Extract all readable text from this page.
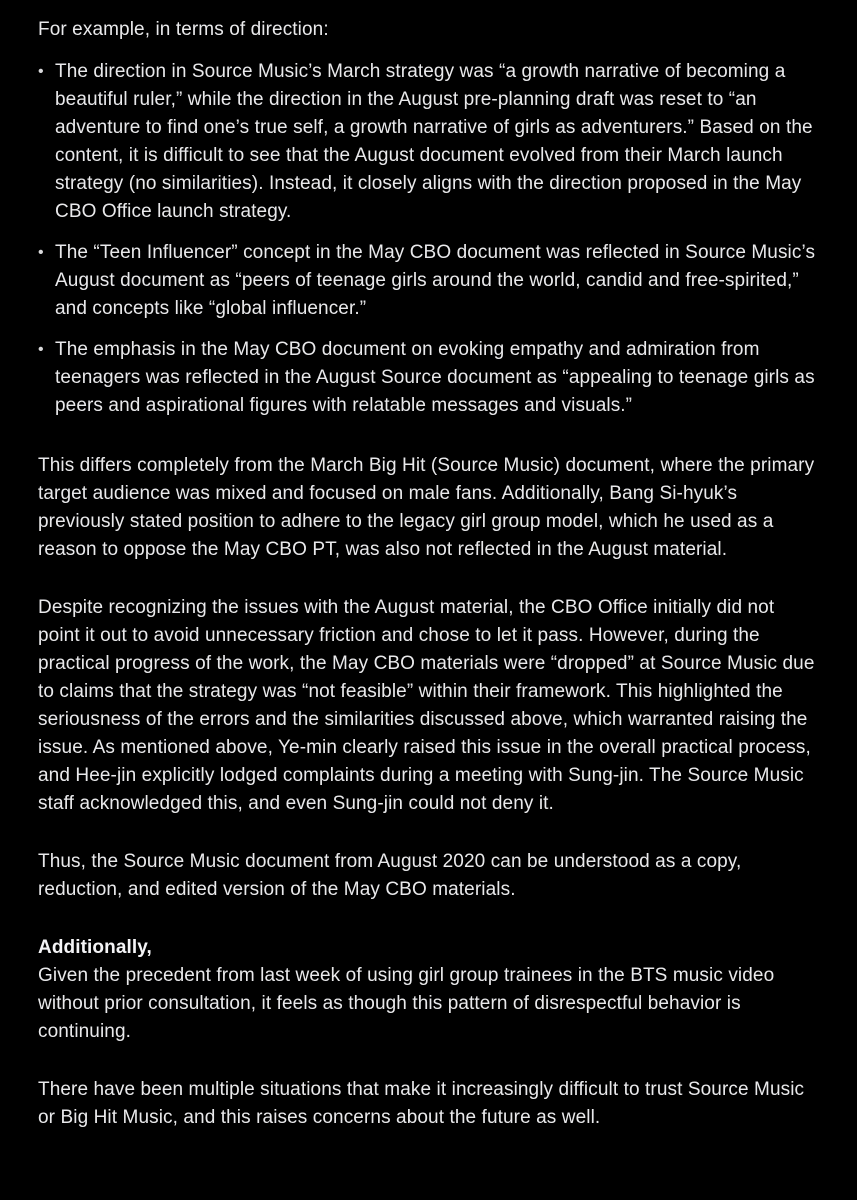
For example, in terms of direction:

• The direction in Source Music’s March strategy was “a growth narrative of becoming a beautiful ruler,” while the direction in the August pre-planning draft was reset to “an adventure to find one’s true self, a growth narrative of girls as adventurers.” Based on the content, it is difficult to see that the August document evolved from their March launch strategy (no similarities). Instead, it closely aligns with the direction proposed in the May CBO Office launch strategy.
• The “Teen Influencer” concept in the May CBO document was reflected in Source Music’s August document as “peers of teenage girls around the world, candid and free-spirited,” and concepts like “global influencer.”
• The emphasis in the May CBO document on evoking empathy and admiration from teenagers was reflected in the August Source document as “appealing to teenage girls as peers and aspirational figures with relatable messages and visuals.”

This differs completely from the March Big Hit (Source Music) document, where the primary target audience was mixed and focused on male fans. Additionally, Bang Si-hyuk’s previously stated position to adhere to the legacy girl group model, which he used as a reason to oppose the May CBO PT, was also not reflected in the August material.

Despite recognizing the issues with the August material, the CBO Office initially did not point it out to avoid unnecessary friction and chose to let it pass. However, during the practical progress of the work, the May CBO materials were “dropped” at Source Music due to claims that the strategy was “not feasible” within their framework. This highlighted the seriousness of the errors and the similarities discussed above, which warranted raising the issue. As mentioned above, Ye-min clearly raised this issue in the overall practical process, and Hee-jin explicitly lodged complaints during a meeting with Sung-jin. The Source Music staff acknowledged this, and even Sung-jin could not deny it.

Thus, the Source Music document from August 2020 can be understood as a copy, reduction, and edited version of the May CBO materials.

Additionally,

Given the precedent from last week of using girl group trainees in the BTS music video without prior consultation, it feels as though this pattern of disrespectful behavior is continuing.

There have been multiple situations that make it increasingly difficult to trust Source Music or Big Hit Music, and this raises concerns about the future as well.
